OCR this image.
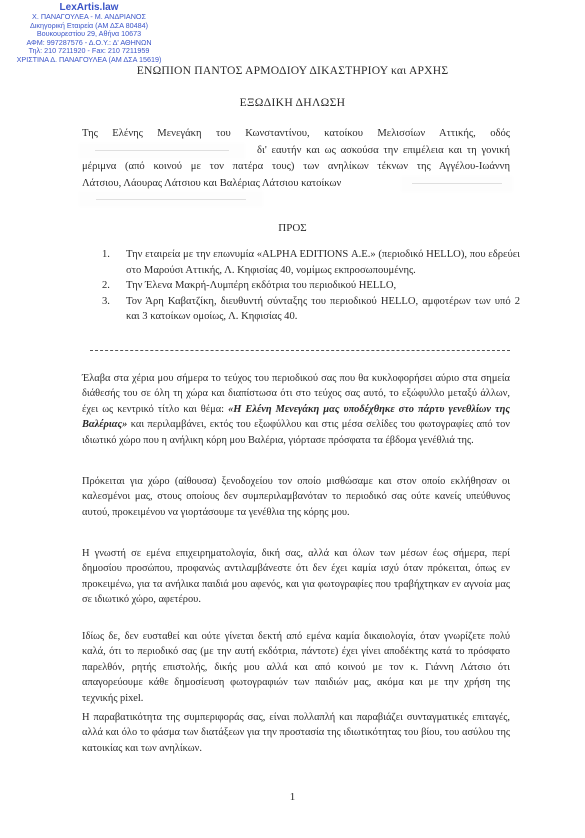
LexArtis.law
Χ. ΠΑΝΑΓΟΥΛΕΑ - Μ. ΑΝΔΡΙΑΝΟΣ
Δικηγορική Εταιρεία (ΑΜ ΔΣΑ 80484)
Βουκουρεστίου 29, Αθήνα 10673
ΑΦΜ: 997287576 - Δ.Ο.Υ.: Δ' ΑΘΗΝΩΝ
Τηλ: 210 7211920 - Fax: 210 7211959
ΧΡΙΣΤΙΝΑ Δ. ΠΑΝΑΓΟΥΛΕΑ (ΑΜ ΔΣΑ 15619)
ΕΝΩΠΙΟΝ ΠΑΝΤΟΣ ΑΡΜΟΔΙΟΥ ΔΙΚΑΣΤΗΡΙΟΥ και ΑΡΧΗΣ
ΕΞΩΔΙΚΗ ΔΗΛΩΣΗ
Της Ελένης Μενεγάκη του Κωνσταντίνου, κατοίκου Μελισσίων Αττικής, οδός
δι' εαυτήν και ως ασκούσα την επιμέλεια και τη γονική
μέριμνα (από κοινού με τον πατέρα τους) των ανηλίκων τέκνων της Αγγέλου-Ιωάννη
Λάτσιου, Λάουρας Λάτσιου και Βαλέριας Λάτσιου κατοίκων
ΠΡΟΣ
1. Την εταιρεία με την επωνυμία «ALPHA EDITIONS Α.Ε.» (περιοδικό HELLO), που εδρεύει στο Μαρούσι Αττικής, Λ. Κηφισίας 40, νομίμως εκπροσωπουμένης.
2. Την Έλενα Μακρή-Λυμπέρη εκδότρια του περιοδικού HELLO,
3. Τον Άρη Καβατζίκη, διευθυντή σύνταξης του περιοδικού HELLO, αμφοτέρων των υπό 2 και 3 κατοίκων ομοίως, Λ. Κηφισίας 40.

Έλαβα στα χέρια μου σήμερα το τεύχος του περιοδικού σας που θα κυκλοφορήσει αύριο στα σημεία διάθεσής του σε όλη τη χώρα και διαπίστωσα ότι στο τεύχος σας αυτό, το εξώφυλλο μεταξύ άλλων, έχει ως κεντρικό τίτλο και θέμα: «Η Ελένη Μενεγάκη μας υποδέχθηκε στο πάρτυ γενεθλίων της Βαλέριας» και περιλαμβάνει, εκτός του εξωφύλλου και στις μέσα σελίδες του φωτογραφίες από τον ιδιωτικό χώρο που η ανήλικη κόρη μου Βαλέρια, γιόρτασε πρόσφατα τα έβδομα γενέθλιά της.

Πρόκειται για χώρο (αίθουσα) ξενοδοχείου τον οποίο μισθώσαμε και στον οποίο εκλήθησαν οι καλεσμένοι μας, στους οποίους δεν συμπεριλαμβανόταν το περιοδικό σας ούτε κανείς υπεύθυνος αυτού, προκειμένου να γιορτάσουμε τα γενέθλια της κόρης μου.

Η γνωστή σε εμένα επιχειρηματολογία, δική σας, αλλά και όλων των μέσων έως σήμερα, περί δημοσίου προσώπου, προφανώς αντιλαμβάνεστε ότι δεν έχει καμία ισχύ όταν πρόκειται, όπως εν προκειμένω, για τα ανήλικα παιδιά μου αφενός, και για φωτογραφίες που τραβήχτηκαν εν αγνοία μας σε ιδιωτικό χώρο, αφετέρου.

Ιδίως δε, δεν ευσταθεί και ούτε γίνεται δεκτή από εμένα καμία δικαιολογία, όταν γνωρίζετε πολύ καλά, ότι το περιοδικό σας (με την αυτή εκδότρια, πάντοτε) έχει γίνει αποδέκτης κατά το πρόσφατο παρελθόν, ρητής επιστολής, δικής μου αλλά και από κοινού με τον κ. Γιάννη Λάτσιο ότι απαγορεύουμε κάθε δημοσίευση φωτογραφιών των παιδιών μας, ακόμα και με την χρήση της τεχνικής pixel.

Η παραβατικότητα της συμπεριφοράς σας, είναι πολλαπλή και παραβιάζει συνταγματικές επιταγές, αλλά και όλο το φάσμα των διατάξεων για την προστασία της ιδιωτικότητας του βίου, του ασύλου της κατοικίας και των ανηλίκων.

1
